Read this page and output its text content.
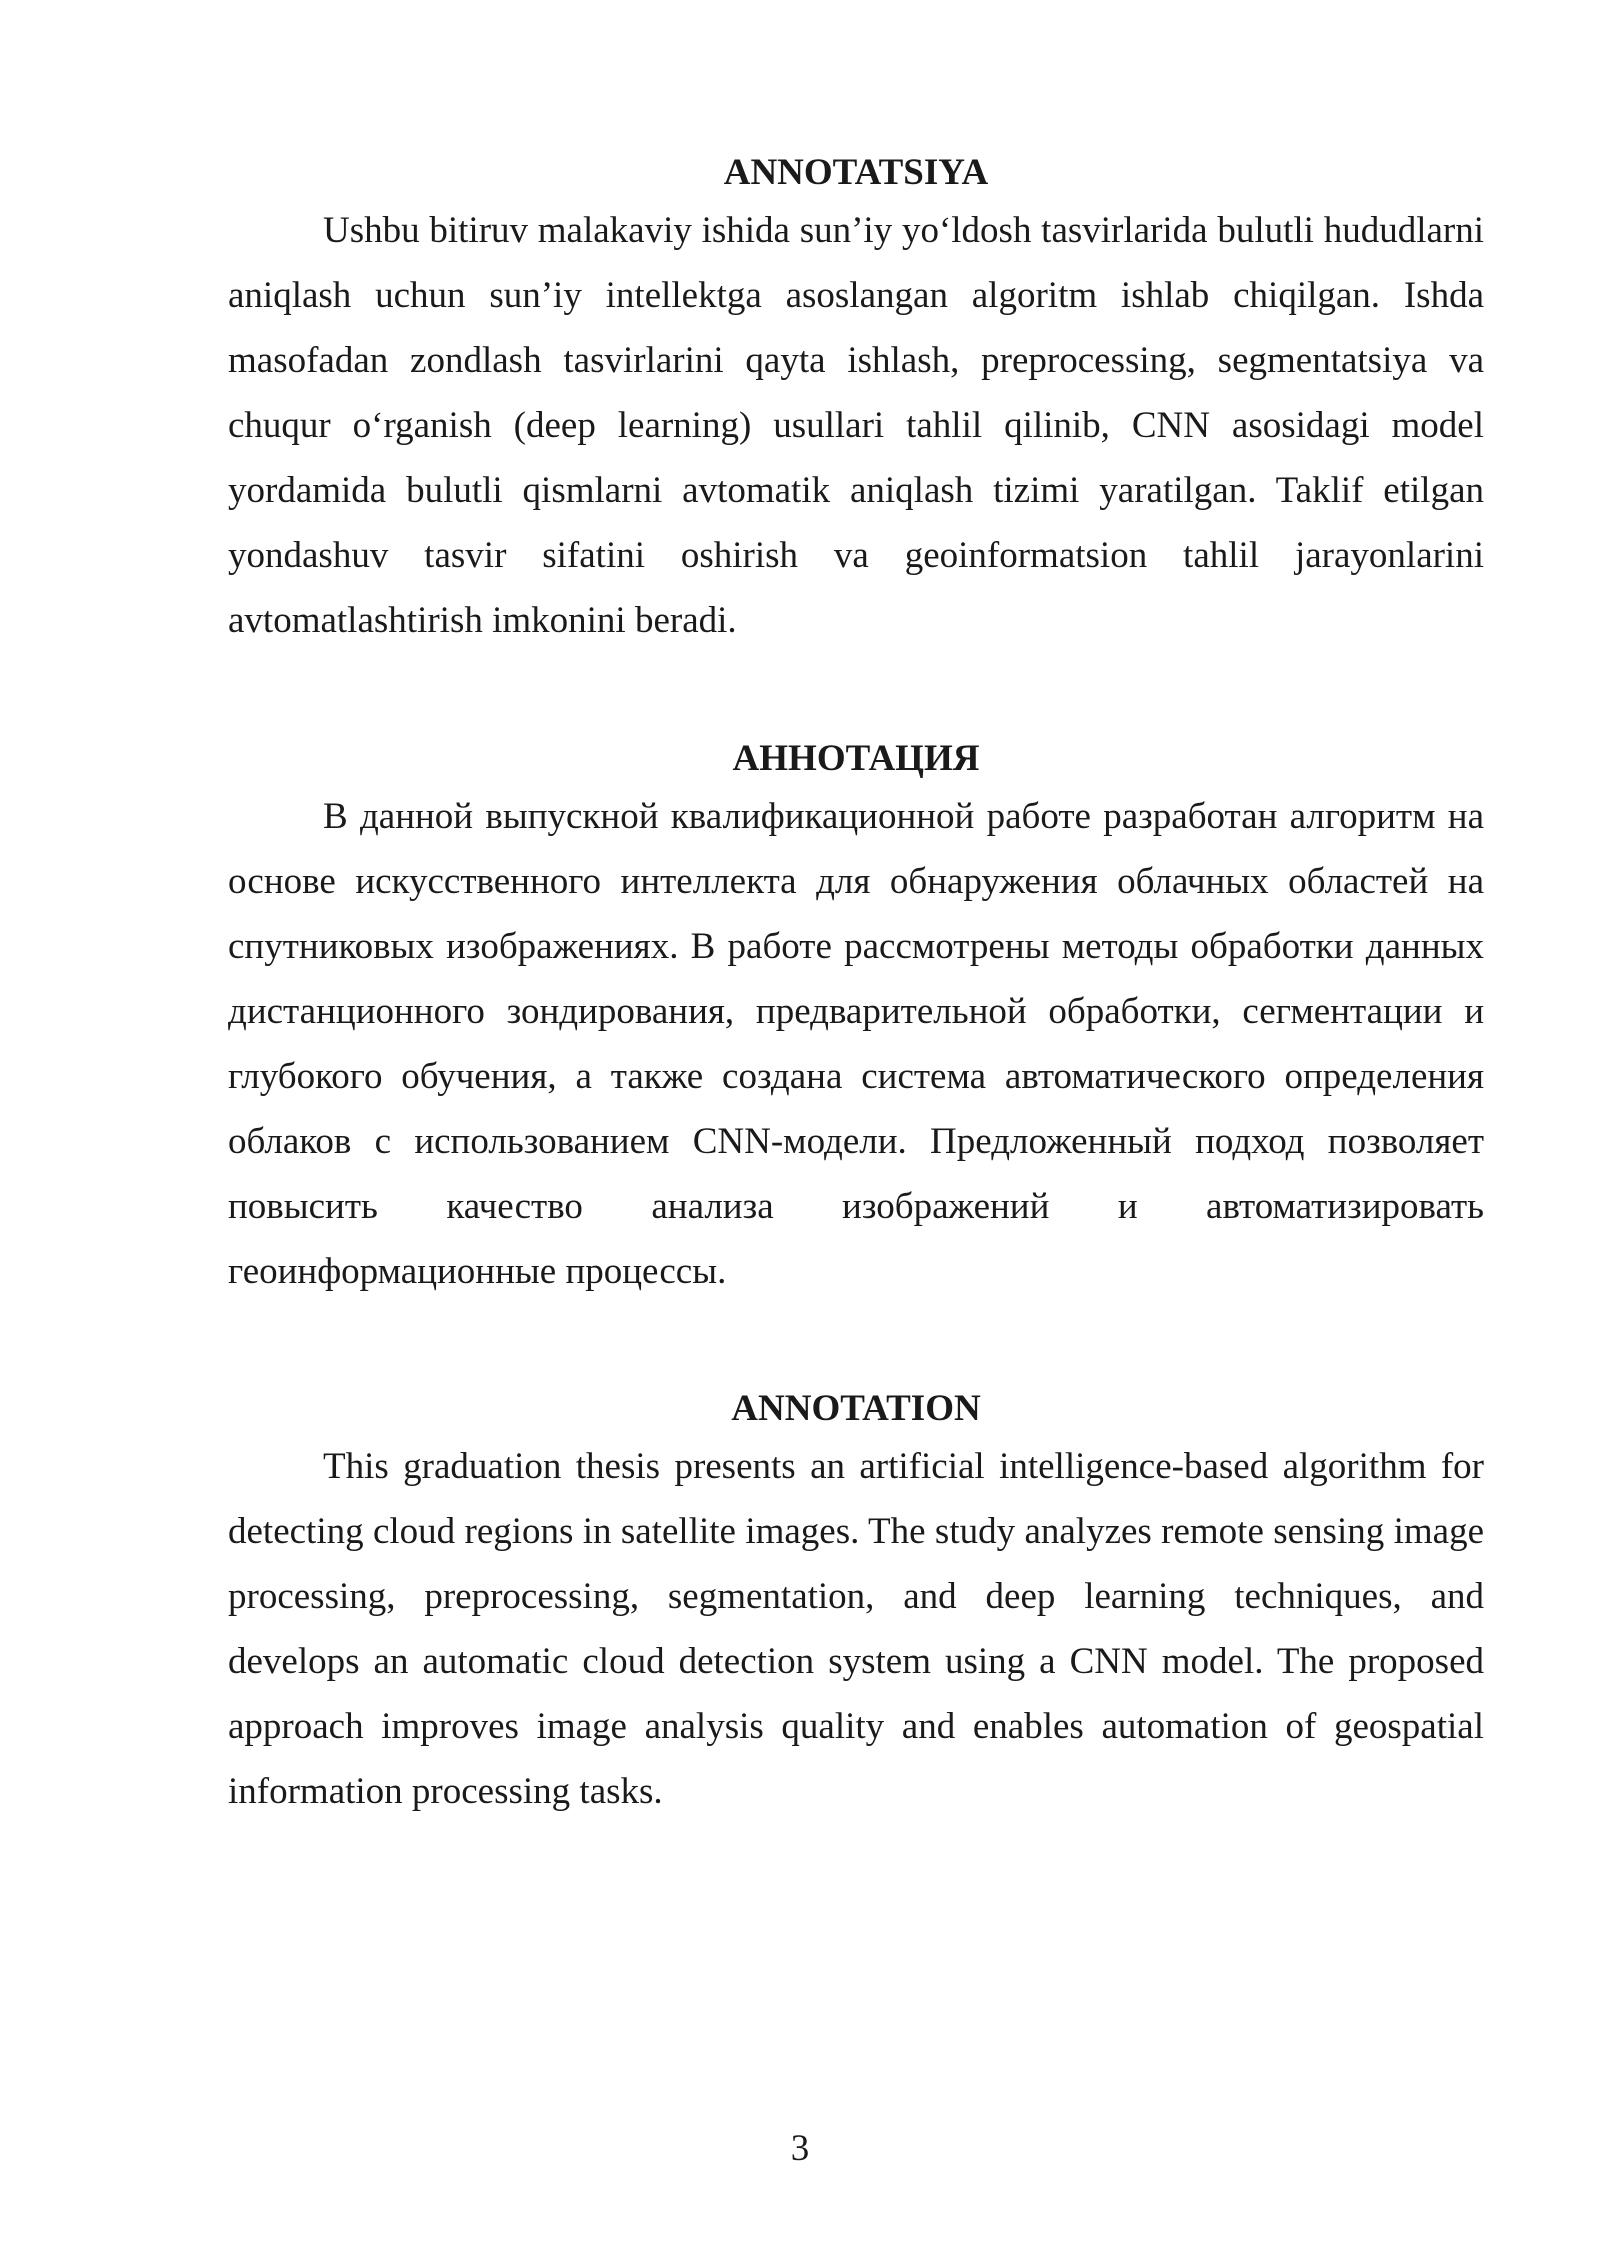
ANNOTATSIYA

Ushbu bitiruv malakaviy ishida sun’iy yo‘ldosh tasvirlarida bulutli hududlarni aniqlash uchun sun’iy intellektga asoslangan algoritm ishlab chiqilgan. Ishda masofadan zondlash tasvirlarini qayta ishlash, preprocessing, segmentatsiya va chuqur o‘rganish (deep learning) usullari tahlil qilinib, CNN asosidagi model yordamida bulutli qismlarni avtomatik aniqlash tizimi yaratilgan. Taklif etilgan yondashuv tasvir sifatini oshirish va geoinformatsion tahlil jarayonlarini avtomatlashtirish imkonini beradi.

АННОТАЦИЯ

В данной выпускной квалификационной работе разработан алгоритм на основе искусственного интеллекта для обнаружения облачных областей на спутниковых изображениях. В работе рассмотрены методы обработки данных дистанционного зондирования, предварительной обработки, сегментации и глубокого обучения, а также создана система автоматического определения облаков с использованием CNN-модели. Предложенный подход позволяет повысить качество анализа изображений и автоматизировать геоинформационные процессы.

ANNOTATION

This graduation thesis presents an artificial intelligence-based algorithm for detecting cloud regions in satellite images. The study analyzes remote sensing image processing, preprocessing, segmentation, and deep learning techniques, and develops an automatic cloud detection system using a CNN model. The proposed approach improves image analysis quality and enables automation of geospatial information processing tasks.

3
